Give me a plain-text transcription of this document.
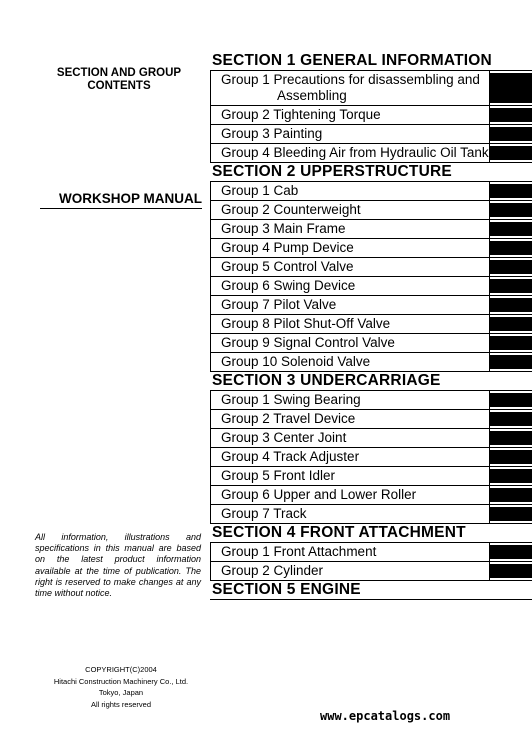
SECTION AND GROUP
CONTENTS
WORKSHOP MANUAL
All information, illustrations and specifications in this manual are based on the latest product information available at the time of publication. The right is reserved to make changes at any time without notice.
COPYRIGHT(C)2004
Hitachi Construction Machinery Co., Ltd.
Tokyo, Japan
All rights reserved
www.epcatalogs.com
SECTION 1 GENERAL INFORMATION
Group 1 Precautions for disassembling and Assembling
Group 2 Tightening Torque
Group 3 Painting
Group 4 Bleeding Air from Hydraulic Oil Tank
SECTION 2 UPPERSTRUCTURE
Group 1 Cab
Group 2 Counterweight
Group 3 Main Frame
Group 4 Pump Device
Group 5 Control Valve
Group 6 Swing Device
Group 7 Pilot Valve
Group 8 Pilot Shut-Off Valve
Group 9 Signal Control Valve
Group 10 Solenoid Valve
SECTION 3 UNDERCARRIAGE
Group 1 Swing Bearing
Group 2 Travel Device
Group 3 Center Joint
Group 4 Track Adjuster
Group 5 Front Idler
Group 6 Upper and Lower Roller
Group 7 Track
SECTION 4 FRONT ATTACHMENT
Group 1 Front Attachment
Group 2 Cylinder
SECTION 5 ENGINE
